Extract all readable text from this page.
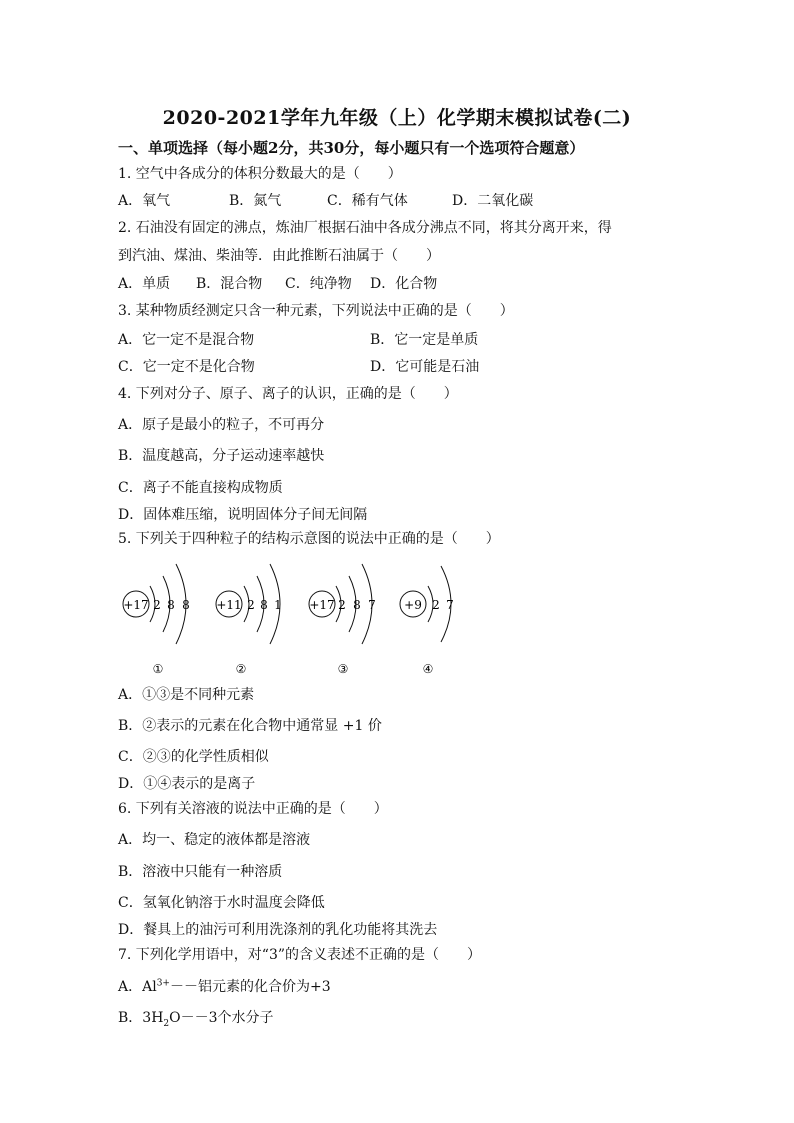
2020-2021学年九年级（上）化学期末模拟试卷(二)
一、单项选择（每小题2分，共30分，每小题只有一个选项符合题意）
1. 空气中各成分的体积分数最大的是（　　）
A．氧气	B．氮气	C．稀有气体	D．二氧化碳
2. 石油没有固定的沸点，炼油厂根据石油中各成分沸点不同，将其分离开来，得
到汽油、煤油、柴油等．由此推断石油属于（　　）
A．单质 B．混合物 C．纯净物 D．化合物
3. 某种物质经测定只含一种元素，下列说法中正确的是（　　）
A．它一定不是混合物	B．它一定是单质
C．它一定不是化合物	D．它可能是石油
4. 下列对分子、原子、离子的认识，正确的是（　　）
A．原子是最小的粒子，不可再分
B．温度越高，分子运动速率越快
C．离子不能直接构成物质
D．固体难压缩，说明固体分子间无间隔
5. 下列关于四种粒子的结构示意图的说法中正确的是（　　）
+17 2 8 8
①
+11 2 8 1
②
+17 2 8 7
③
+9 2 7
④
A．①③是不同种元素
B．②表示的元素在化合物中通常显 +1 价
C．②③的化学性质相似
D．①④表示的是离子
6. 下列有关溶液的说法中正确的是（　　）
A．均一、稳定的液体都是溶液
B．溶液中只能有一种溶质
C．氢氧化钠溶于水时温度会降低
D．餐具上的油污可利用洗涤剂的乳化功能将其洗去
7. 下列化学用语中，对“3”的含义表述不正确的是（　　）
A．$Al^{3+}--$铝元素的化合价为+3
B．$3H_2O--3$个水分子
